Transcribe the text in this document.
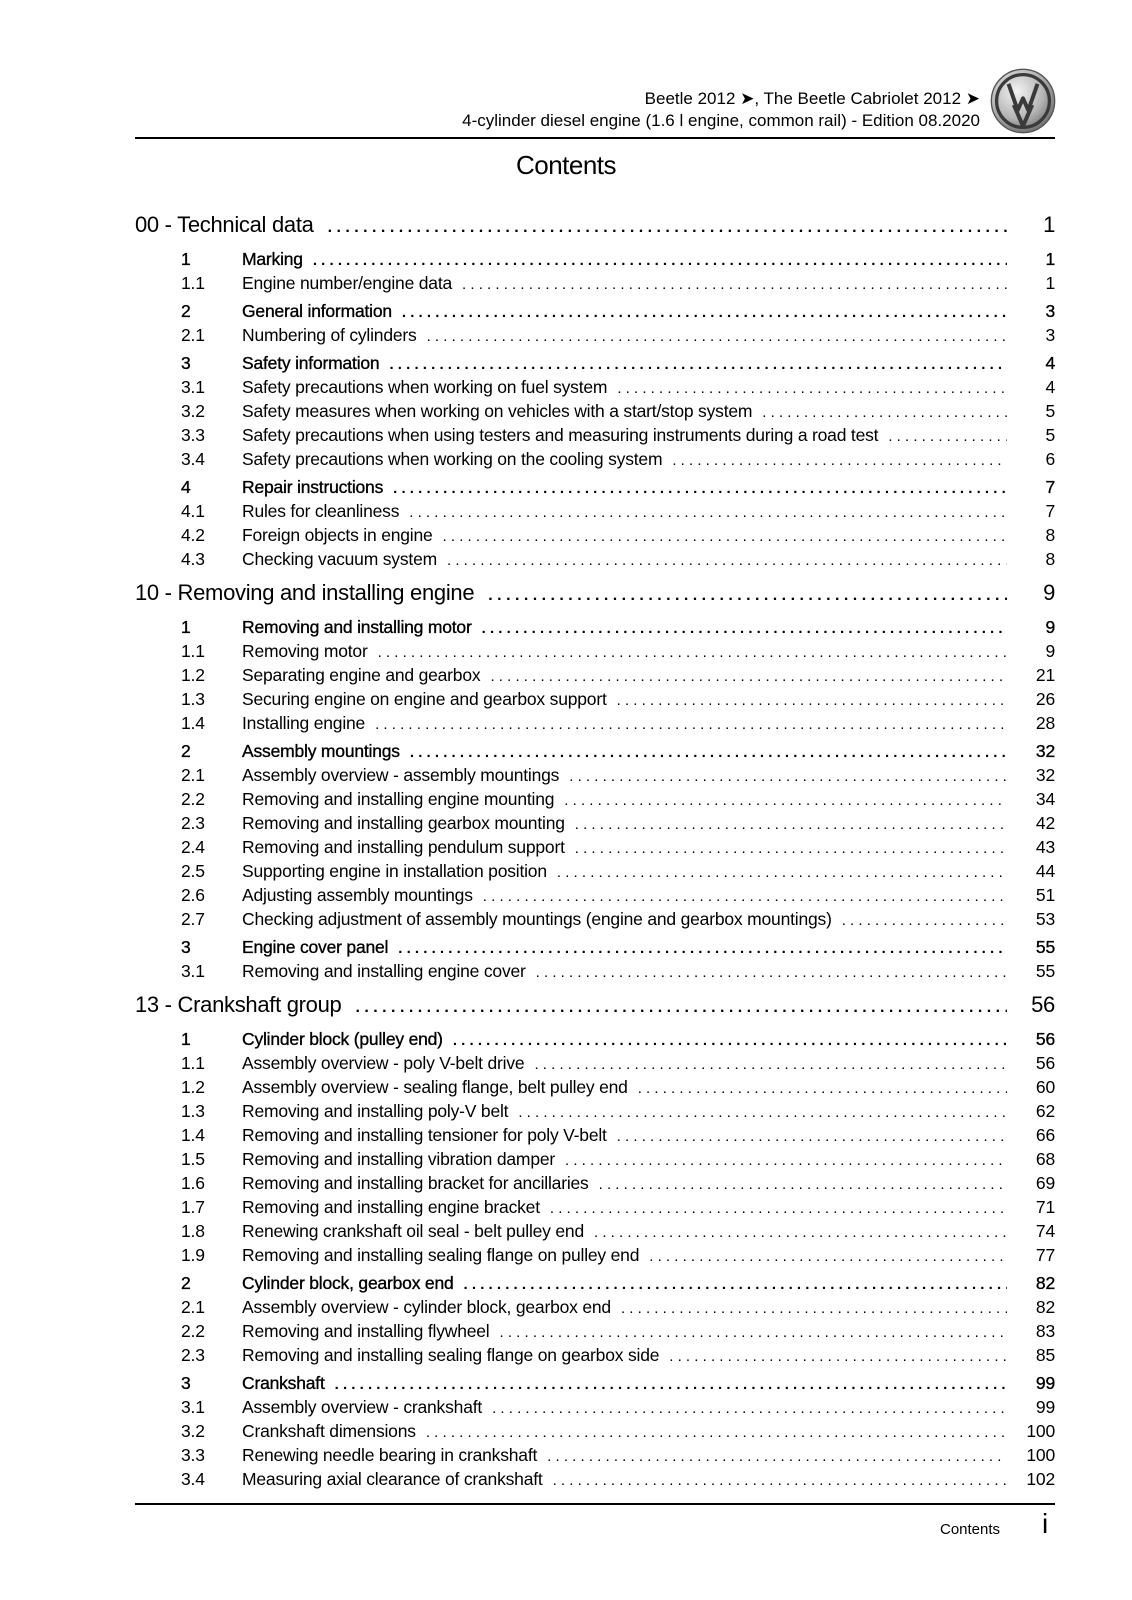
Beetle 2012 ➤, The Beetle Cabriolet 2012 ➤
4-cylinder diesel engine (1.6 l engine, common rail) - Edition 08.2020
Contents
00 - Technical data . . .	1
1	Marking . . .	1
1.1	Engine number/engine data . . .	1
2	General information . . .	3
2.1	Numbering of cylinders . . .	3
3	Safety information . . .	4
3.1	Safety precautions when working on fuel system . . .	4
3.2	Safety measures when working on vehicles with a start/stop system . . .	5
3.3	Safety precautions when using testers and measuring instruments during a road test . . .	5
3.4	Safety precautions when working on the cooling system . . .	6
4	Repair instructions . . .	7
4.1	Rules for cleanliness . . .	7
4.2	Foreign objects in engine . . .	8
4.3	Checking vacuum system . . .	8
10 - Removing and installing engine . . .	9
1	Removing and installing motor . . .	9
1.1	Removing motor . . .	9
1.2	Separating engine and gearbox . . .	21
1.3	Securing engine on engine and gearbox support . . .	26
1.4	Installing engine . . .	28
2	Assembly mountings . . .	32
2.1	Assembly overview - assembly mountings . . .	32
2.2	Removing and installing engine mounting . . .	34
2.3	Removing and installing gearbox mounting . . .	42
2.4	Removing and installing pendulum support . . .	43
2.5	Supporting engine in installation position . . .	44
2.6	Adjusting assembly mountings . . .	51
2.7	Checking adjustment of assembly mountings (engine and gearbox mountings) . . .	53
3	Engine cover panel . . .	55
3.1	Removing and installing engine cover . . .	55
13 - Crankshaft group . . .	56
1	Cylinder block (pulley end) . . .	56
1.1	Assembly overview - poly V-belt drive . . .	56
1.2	Assembly overview - sealing flange, belt pulley end . . .	60
1.3	Removing and installing poly-V belt . . .	62
1.4	Removing and installing tensioner for poly V-belt . . .	66
1.5	Removing and installing vibration damper . . .	68
1.6	Removing and installing bracket for ancillaries . . .	69
1.7	Removing and installing engine bracket . . .	71
1.8	Renewing crankshaft oil seal - belt pulley end . . .	74
1.9	Removing and installing sealing flange on pulley end . . .	77
2	Cylinder block, gearbox end . . .	82
2.1	Assembly overview - cylinder block, gearbox end . . .	82
2.2	Removing and installing flywheel . . .	83
2.3	Removing and installing sealing flange on gearbox side . . .	85
3	Crankshaft . . .	99
3.1	Assembly overview - crankshaft . . .	99
3.2	Crankshaft dimensions . . .	100
3.3	Renewing needle bearing in crankshaft . . .	100
3.4	Measuring axial clearance of crankshaft . . .	102
Contents i
